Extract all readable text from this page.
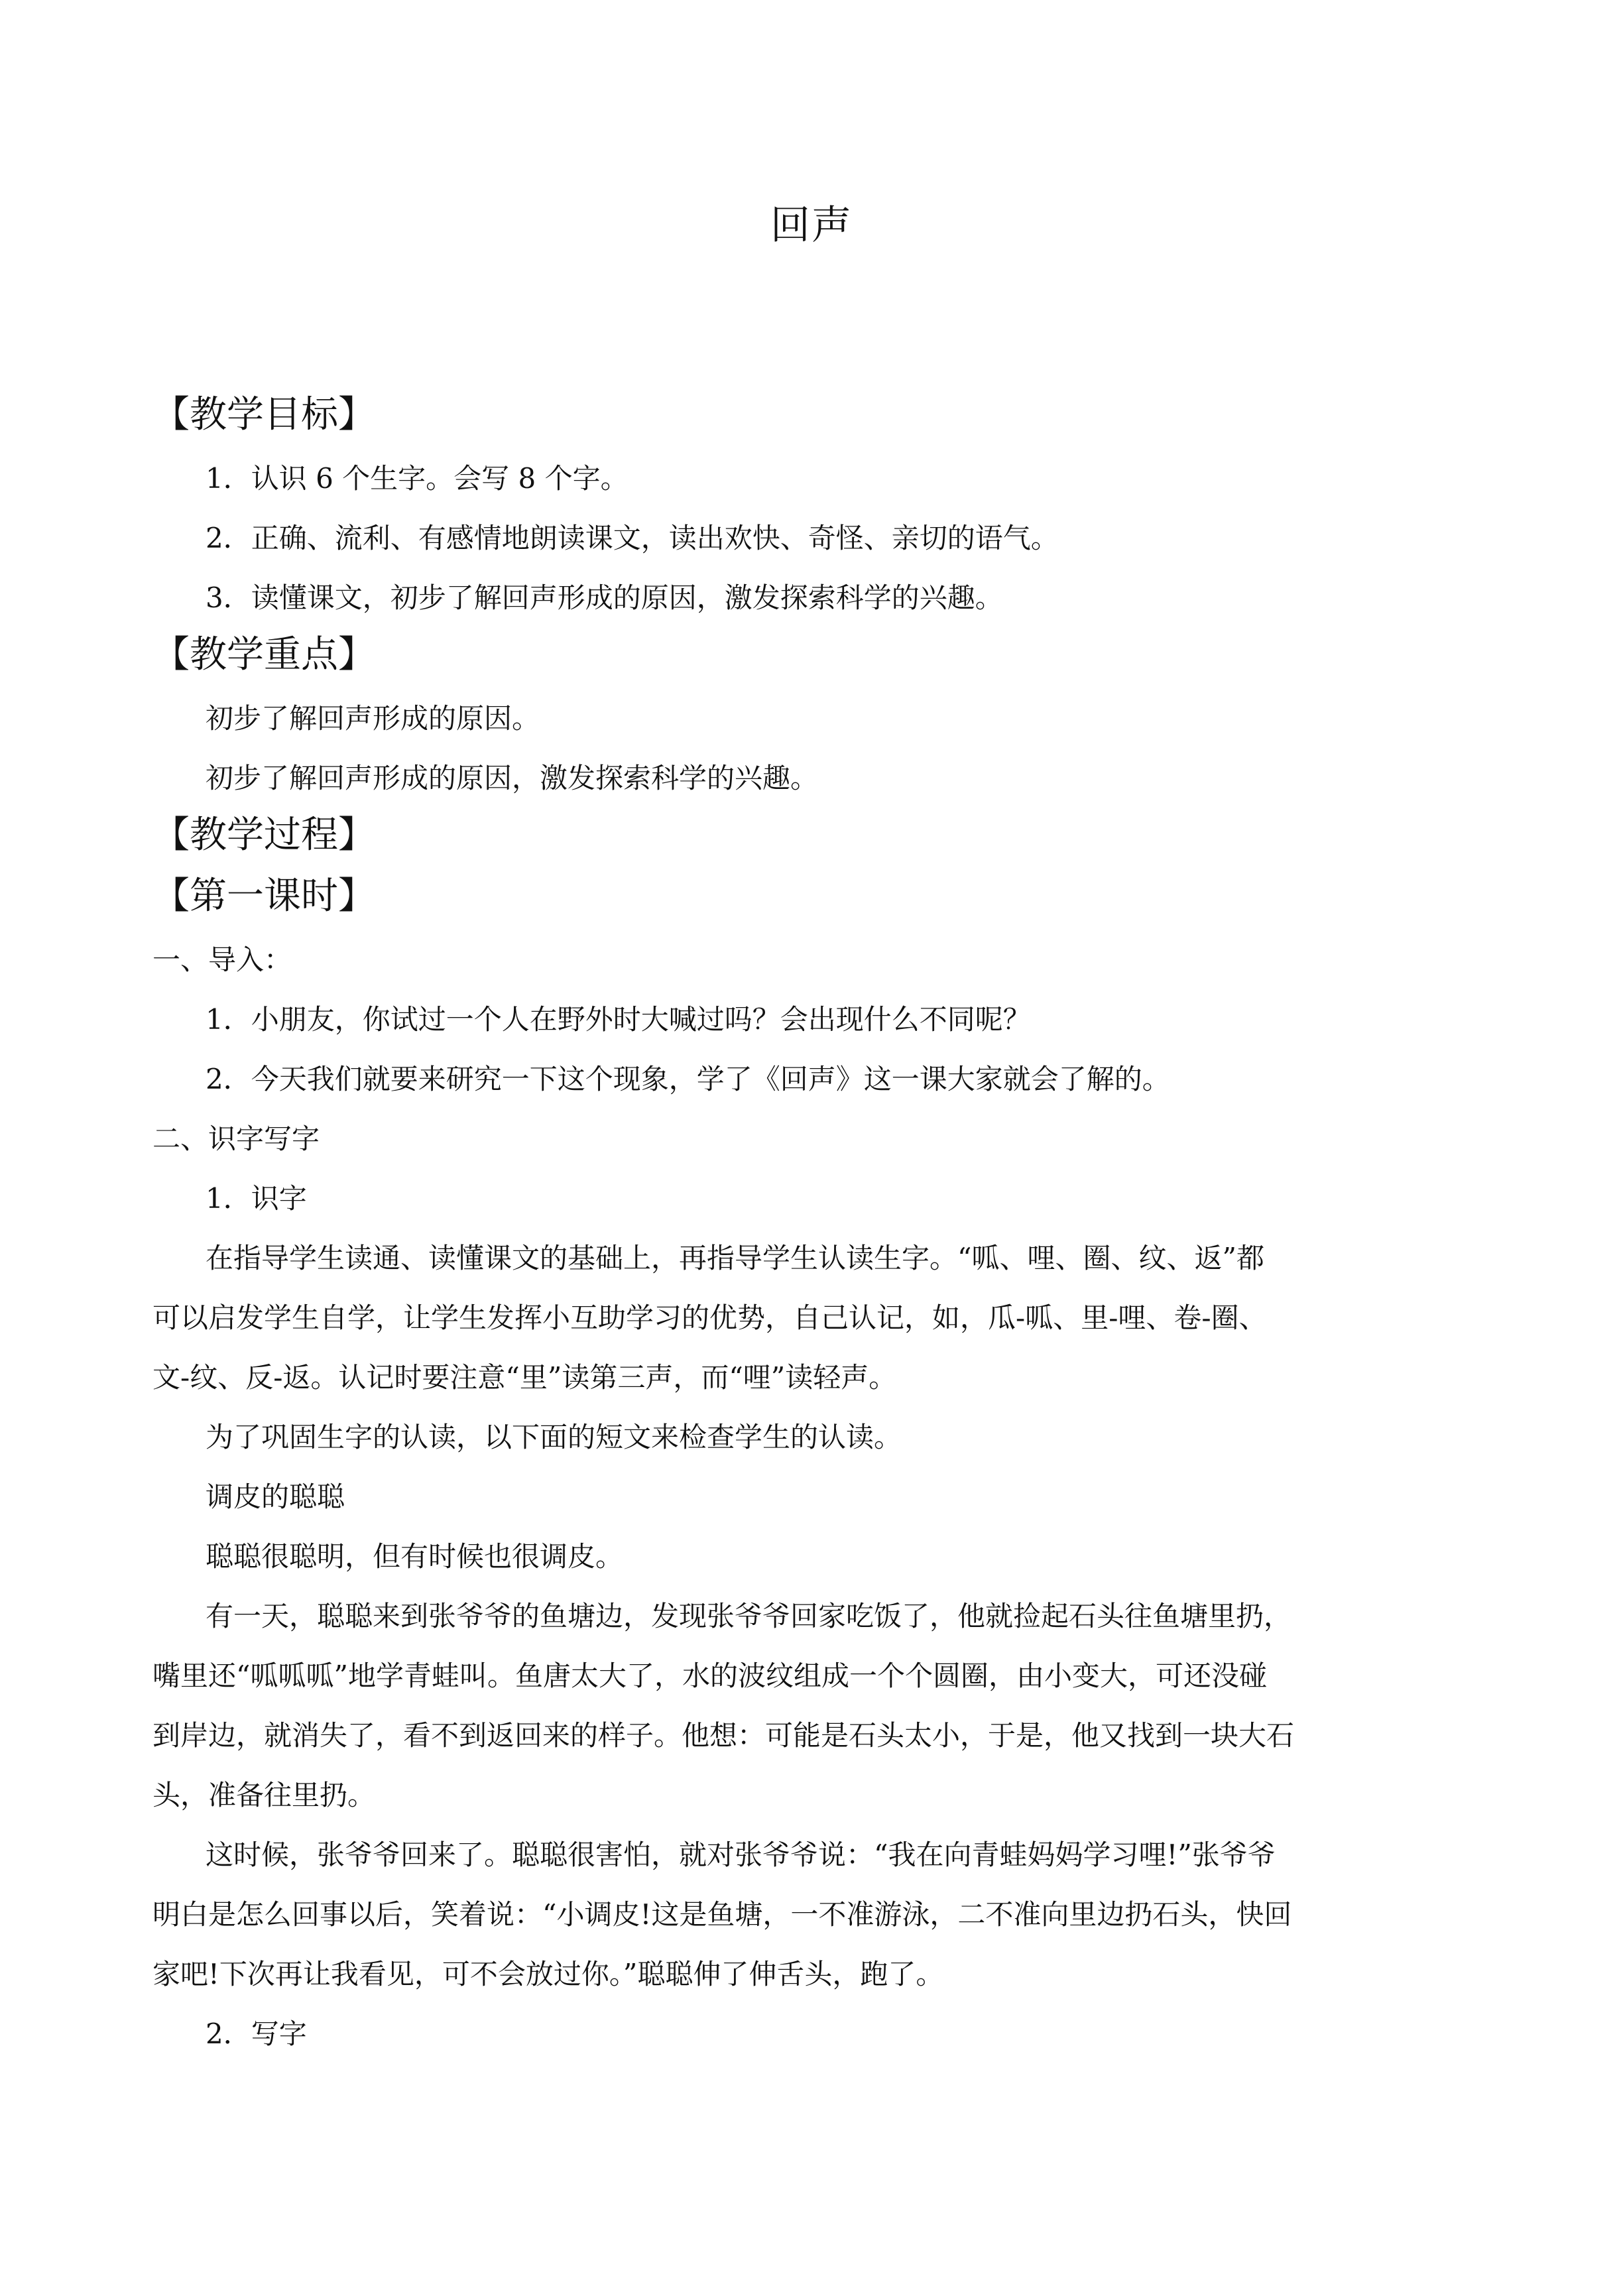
回声
【教学目标】
1．认识 6 个生字。会写 8 个字。
2．正确、流利、有感情地朗读课文，读出欢快、奇怪、亲切的语气。
3．读懂课文，初步了解回声形成的原因，激发探索科学的兴趣。
【教学重点】
初步了解回声形成的原因。
初步了解回声形成的原因，激发探索科学的兴趣。
【教学过程】
【第一课时】
一、导入：
1．小朋友，你试过一个人在野外时大喊过吗？会出现什么不同呢？
2．今天我们就要来研究一下这个现象，学了《回声》这一课大家就会了解的。
二、识字写字
1．识字
在指导学生读通、读懂课文的基础上，再指导学生认读生字。“呱、哩、圈、纹、返”都
可以启发学生自学，让学生发挥小互助学习的优势，自己认记，如，瓜-呱、里-哩、卷-圈、
文-纹、反-返。认记时要注意“里”读第三声，而“哩”读轻声。
为了巩固生字的认读，以下面的短文来检查学生的认读。
调皮的聪聪
聪聪很聪明，但有时候也很调皮。
有一天，聪聪来到张爷爷的鱼塘边，发现张爷爷回家吃饭了，他就捡起石头往鱼塘里扔，
嘴里还“呱呱呱”地学青蛙叫。鱼唐太大了，水的波纹组成一个个圆圈，由小变大，可还没碰
到岸边，就消失了，看不到返回来的样子。他想：可能是石头太小，于是，他又找到一块大石
头，准备往里扔。
这时候，张爷爷回来了。聪聪很害怕，就对张爷爷说：“我在向青蛙妈妈学习哩!”张爷爷
明白是怎么回事以后，笑着说：“小调皮!这是鱼塘，一不准游泳，二不准向里边扔石头，快回
家吧!下次再让我看见，可不会放过你。”聪聪伸了伸舌头，跑了。
2．写字
